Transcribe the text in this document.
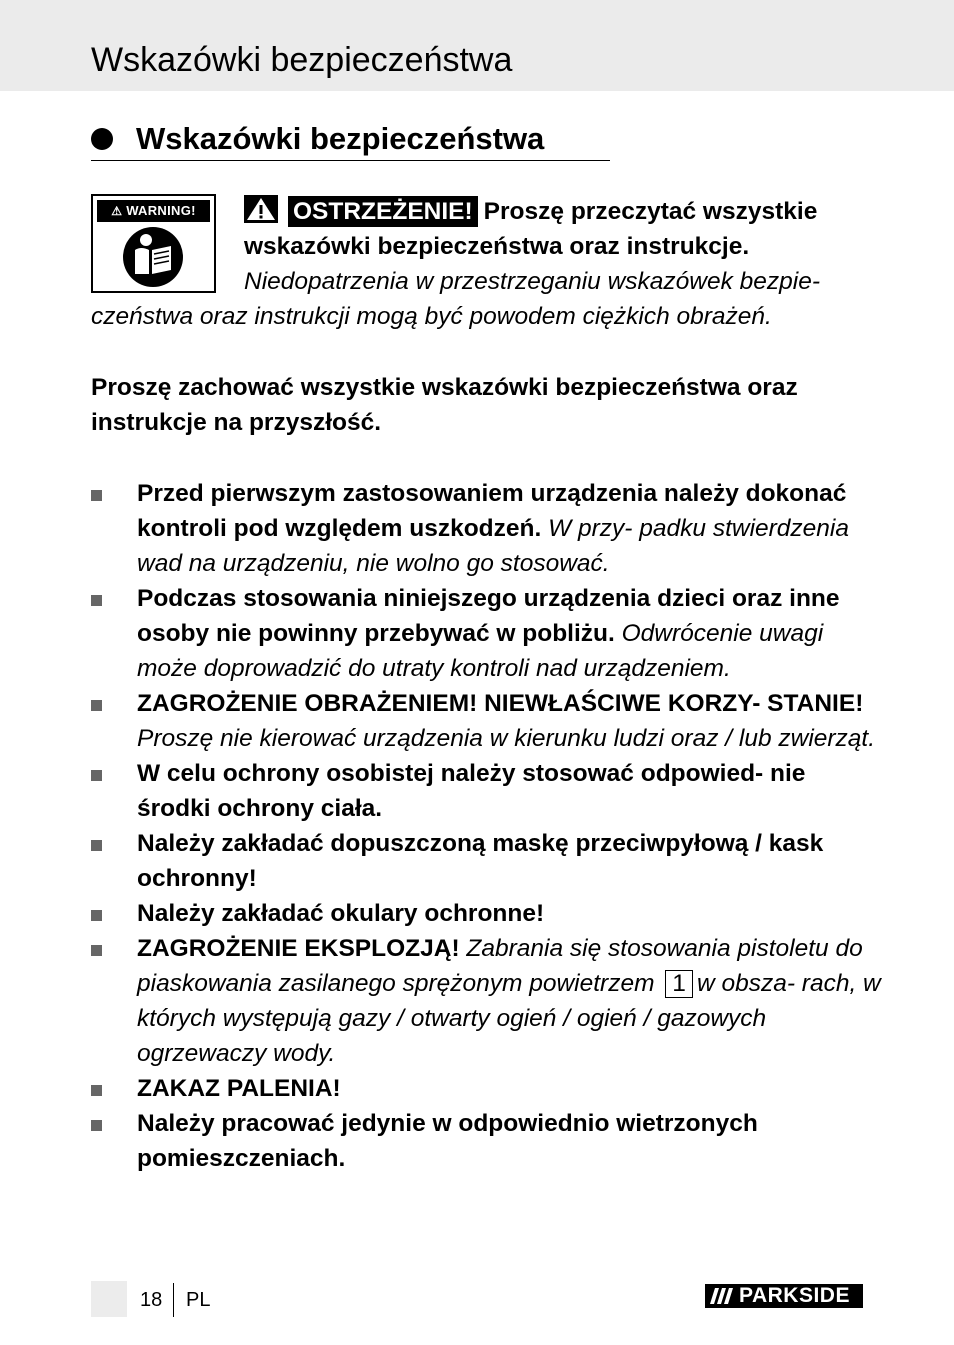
Wskazówki bezpieczeństwa
Wskazówki bezpieczeństwa
⚠ WARNING!	OSTRZEŻENIE! Proszę przeczytać wszystkie wskazówki bezpieczeństwa oraz instrukcje.
Niedopatrzenia w przestrzeganiu wskazówek bezpie-
czeństwa oraz instrukcji mogą być powodem ciężkich obrażeń.
Proszę zachować wszystkie wskazówki bezpieczeństwa oraz instrukcje na przyszłość.
Przed pierwszym zastosowaniem urządzenia należy dokonać kontroli pod względem uszkodzeń. W przy- padku stwierdzenia wad na urządzeniu, nie wolno go stosować.
Podczas stosowania niniejszego urządzenia dzieci oraz inne osoby nie powinny przebywać w pobliżu. Odwrócenie uwagi może doprowadzić do utraty kontroli nad urządzeniem.
ZAGROŻENIE OBRAŻENIEM! NIEWŁAŚCIWE KORZY- STANIE! Proszę nie kierować urządzenia w kierunku ludzi oraz / lub zwierząt.
W celu ochrony osobistej należy stosować odpowied- nie środki ochrony ciała.
Należy zakładać dopuszczoną maskę przeciwpyłową / kask ochronny!
Należy zakładać okulary ochronne!
ZAGROŻENIE EKSPLOZJĄ! Zabrania się stosowania pistoletu do piaskowania zasilanego sprężonym powietrzem 1 w obsza- rach, w których występują gazy / otwarty ogień / ogień / gazowych ogrzewaczy wody.
ZAKAZ PALENIA!
Należy pracować jedynie w odpowiednio wietrzonych pomieszczeniach.
18 PL	PARKSIDE
